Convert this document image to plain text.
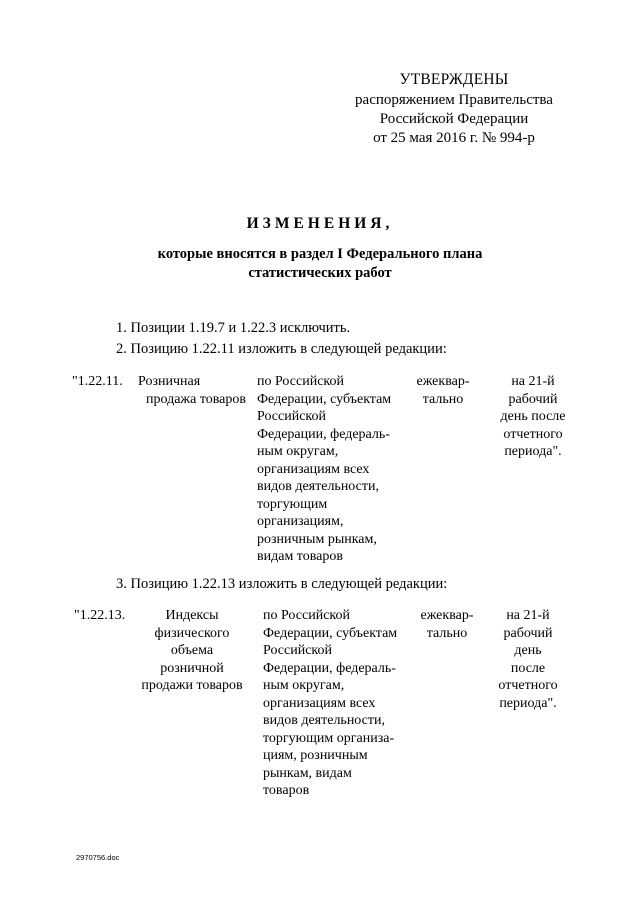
УТВЕРЖДЕНЫ
распоряжением Правительства
Российской Федерации
от 25 мая 2016 г. № 994-р
ИЗМЕНЕНИЯ,
которые вносятся в раздел I Федерального плана
статистических работ
1. Позиции 1.19.7 и 1.22.3 исключить.
2. Позицию 1.22.11 изложить в следующей редакции:
"1.22.11.	Розничная
продажа товаров
по Российской
Федерации, субъектам
Российской
Федерации, федераль-
ным округам,
организациям всех
видов деятельности,
торгующим
организациям,
розничным рынкам,
видам товаров
ежеквар-
тально
на 21-й
рабочий
день после
отчетного
периода".
3. Позицию 1.22.13 изложить в следующей редакции:
"1.22.13.	Индексы
физического
объема
розничной
продажи товаров
по Российской
Федерации, субъектам
Российской
Федерации, федераль-
ным округам,
организациям всех
видов деятельности,
торгующим организа-
циям, розничным
рынкам, видам
товаров
ежеквар-
тально
на 21-й
рабочий
день
после
отчетного
периода".
2970756.doc
